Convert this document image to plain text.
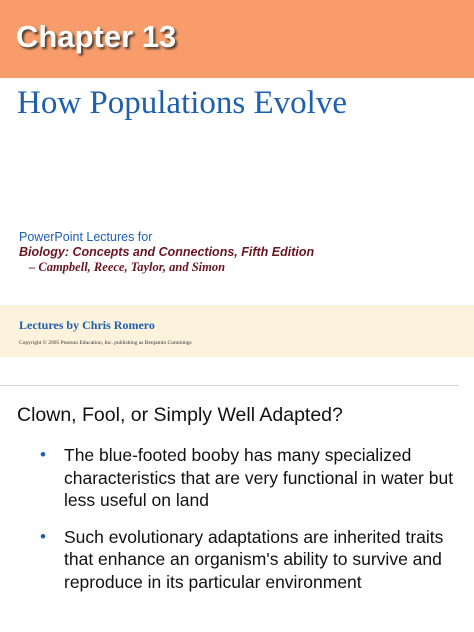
Chapter 13
How Populations Evolve
PowerPoint Lectures for
Biology: Concepts and Connections, Fifth Edition
– Campbell, Reece, Taylor, and Simon
Lectures by Chris Romero
Copyright © 2005 Pearson Education, Inc. publishing as Benjamin Cummings
Clown, Fool, or Simply Well Adapted?
• The blue-footed booby has many specialized characteristics that are very functional in water but less useful on land
• Such evolutionary adaptations are inherited traits that enhance an organism's ability to survive and reproduce in its particular environment
